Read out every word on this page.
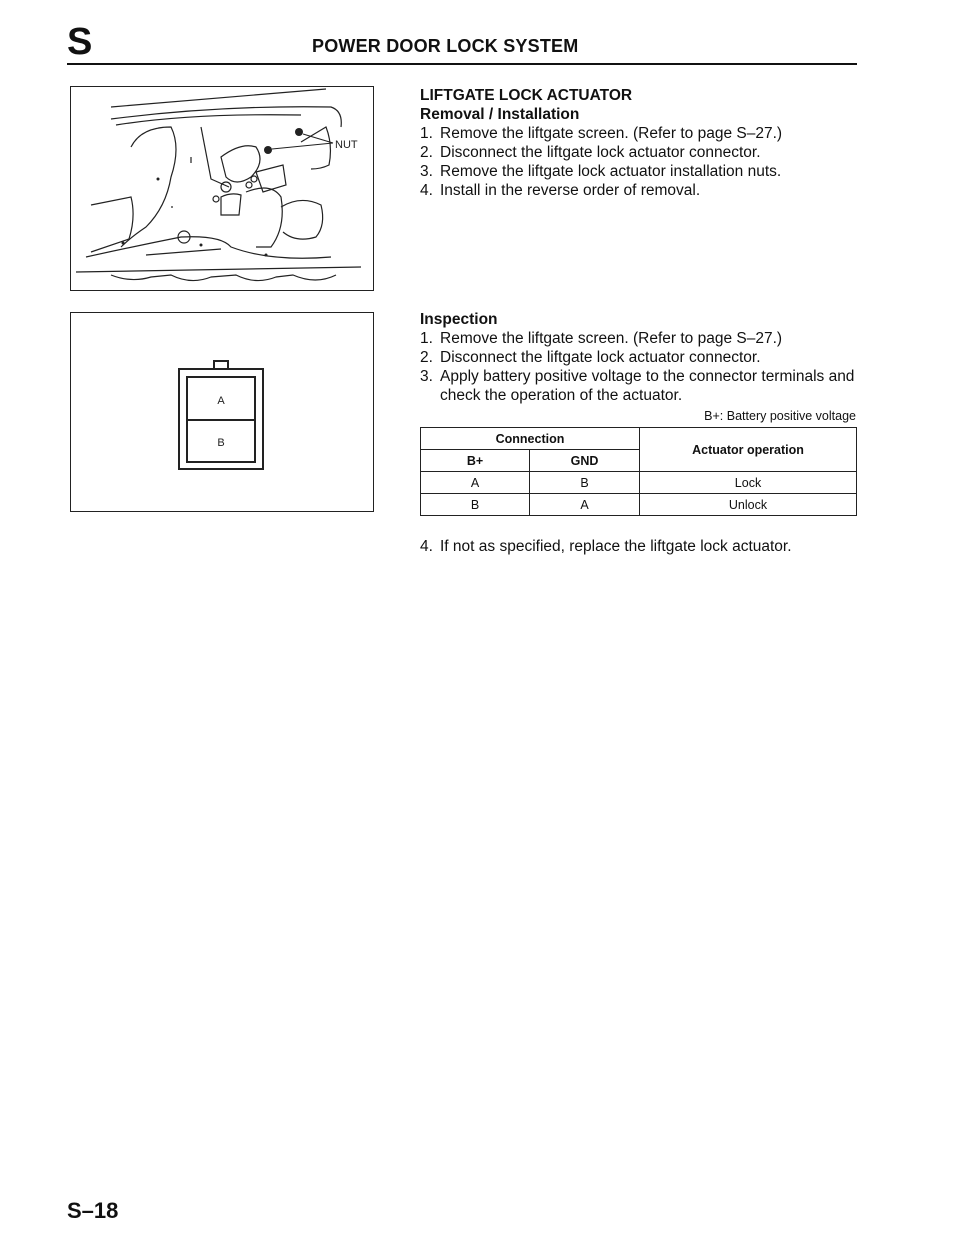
S	POWER DOOR LOCK SYSTEM
NUT
A
B
LIFTGATE LOCK ACTUATOR
Removal / Installation
1. Remove the liftgate screen. (Refer to page S–27.)
2. Disconnect the liftgate lock actuator connector.
3. Remove the liftgate lock actuator installation nuts.
4. Install in the reverse order of removal.
Inspection
1. Remove the liftgate screen. (Refer to page S–27.)
2. Disconnect the liftgate lock actuator connector.
3. Apply battery positive voltage to the connector terminals and check the operation of the actuator.
B+: Battery positive voltage
Connection		Actuator operation
B+	GND	
A	B	Lock
B	A	Unlock
4. If not as specified, replace the liftgate lock actuator.
S–18
